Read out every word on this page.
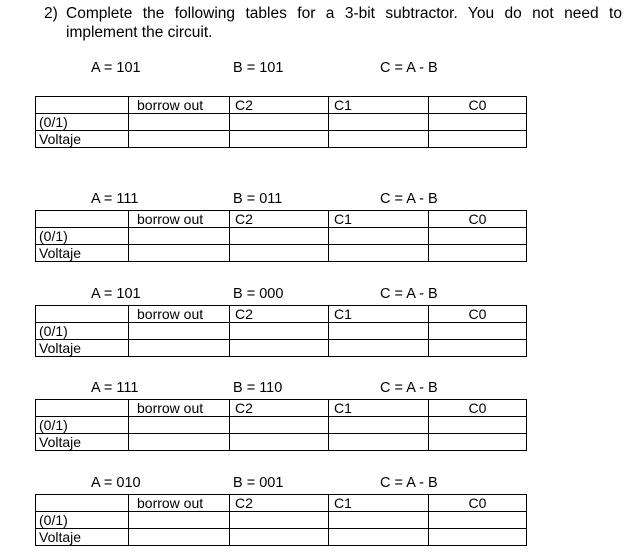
2) Complete the following tables for a 3-bit subtractor. You do not need to
implement the circuit.
A = 101	B = 101	C = A - B
	borrow out	C2	C1	C0
(0/1)				
Voltaje				
A = 111	B = 011	C = A - B
	borrow out	C2	C1	C0
(0/1)				
Voltaje				
A = 101	B = 000	C = A - B
	borrow out	C2	C1	C0
(0/1)				
Voltaje				
A = 111	B = 110	C = A - B
	borrow out	C2	C1	C0
(0/1)				
Voltaje				
A = 010	B = 001	C = A - B
	borrow out	C2	C1	C0
(0/1)				
Voltaje				
